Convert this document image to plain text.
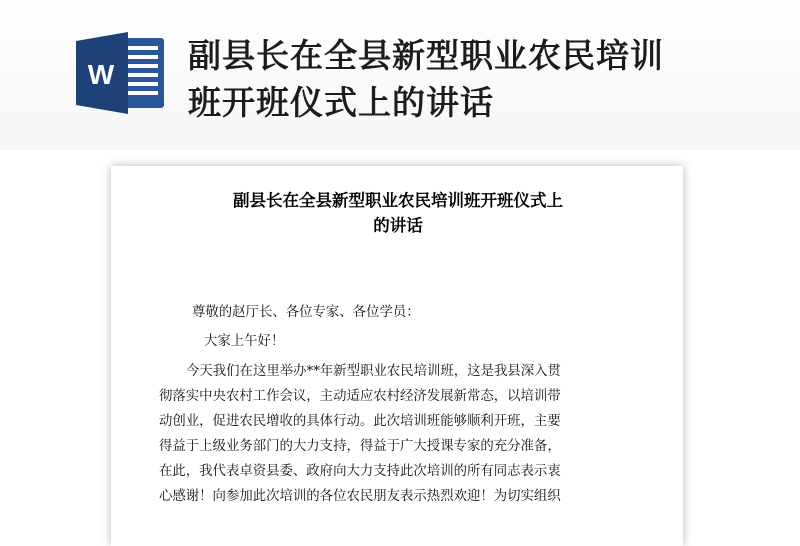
W 副县长在全县新型职业农民培训
班开班仪式上的讲话
副县长在全县新型职业农民培训班开班仪式上
的讲话
尊敬的赵厅长、各位专家、各位学员：
大家上午好！
今天我们在这里举办**年新型职业农民培训班，这是我县深入贯
彻落实中央农村工作会议，主动适应农村经济发展新常态，以培训带
动创业，促进农民增收的具体行动。此次培训班能够顺利开班，主要
得益于上级业务部门的大力支持，得益于广大授课专家的充分准备，
在此，我代表卓资县委、政府向大力支持此次培训的所有同志表示衷
心感谢！向参加此次培训的各位农民朋友表示热烈欢迎！为切实组织
